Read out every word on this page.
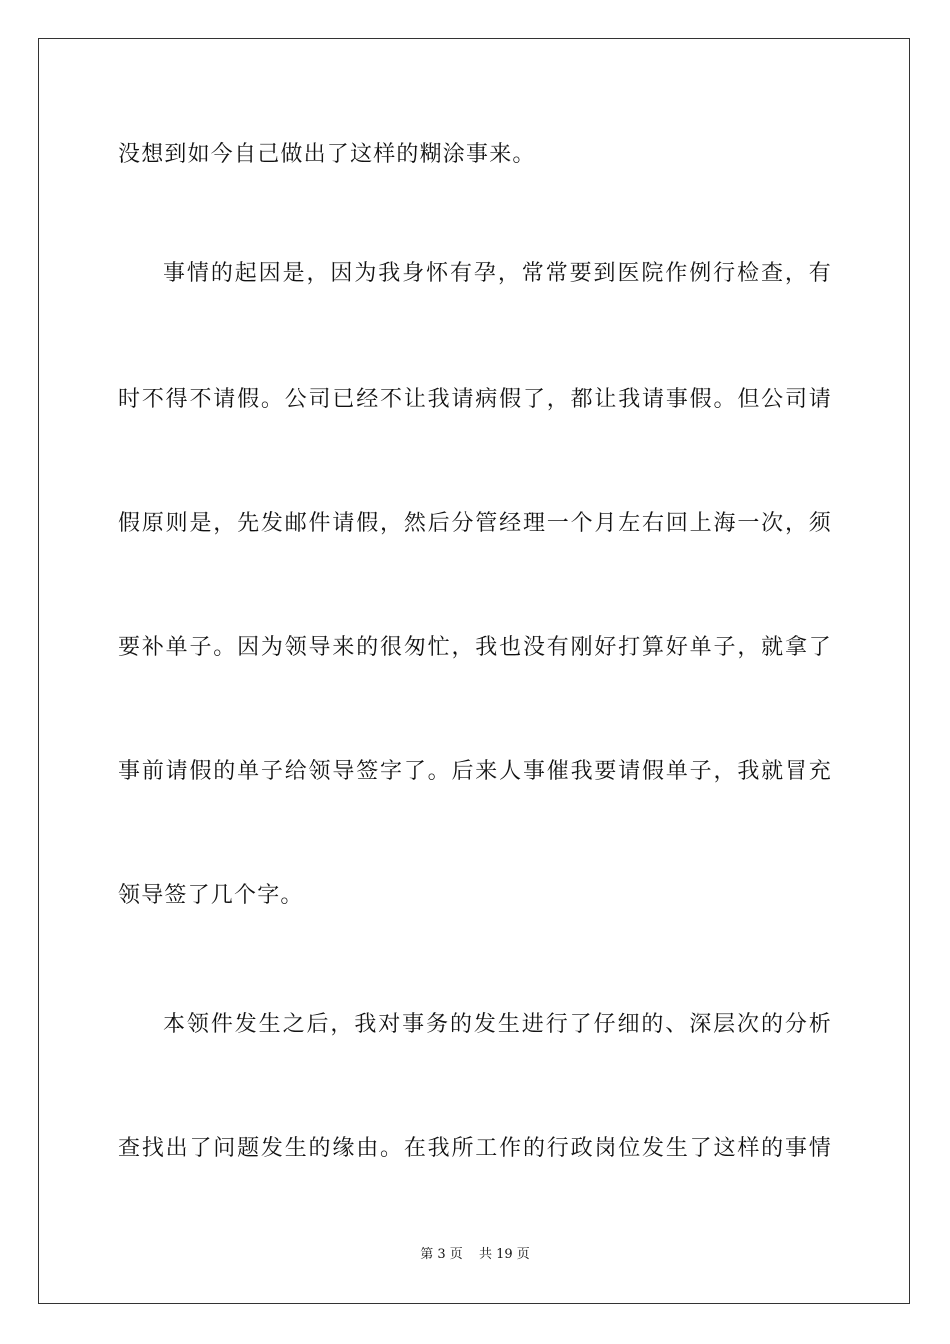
没想到如今自己做出了这样的糊涂事来。
事情的起因是，因为我身怀有孕，常常要到医院作例行检查，有
时不得不请假。公司已经不让我请病假了，都让我请事假。但公司请
假原则是，先发邮件请假，然后分管经理一个月左右回上海一次，须
要补单子。因为领导来的很匆忙，我也没有刚好打算好单子，就拿了
事前请假的单子给领导签字了。后来人事催我要请假单子，我就冒充
领导签了几个字。
本领件发生之后，我对事务的发生进行了仔细的、深层次的分析
查找出了问题发生的缘由。在我所工作的行政岗位发生了这样的事情
第 3 页 共 19 页
